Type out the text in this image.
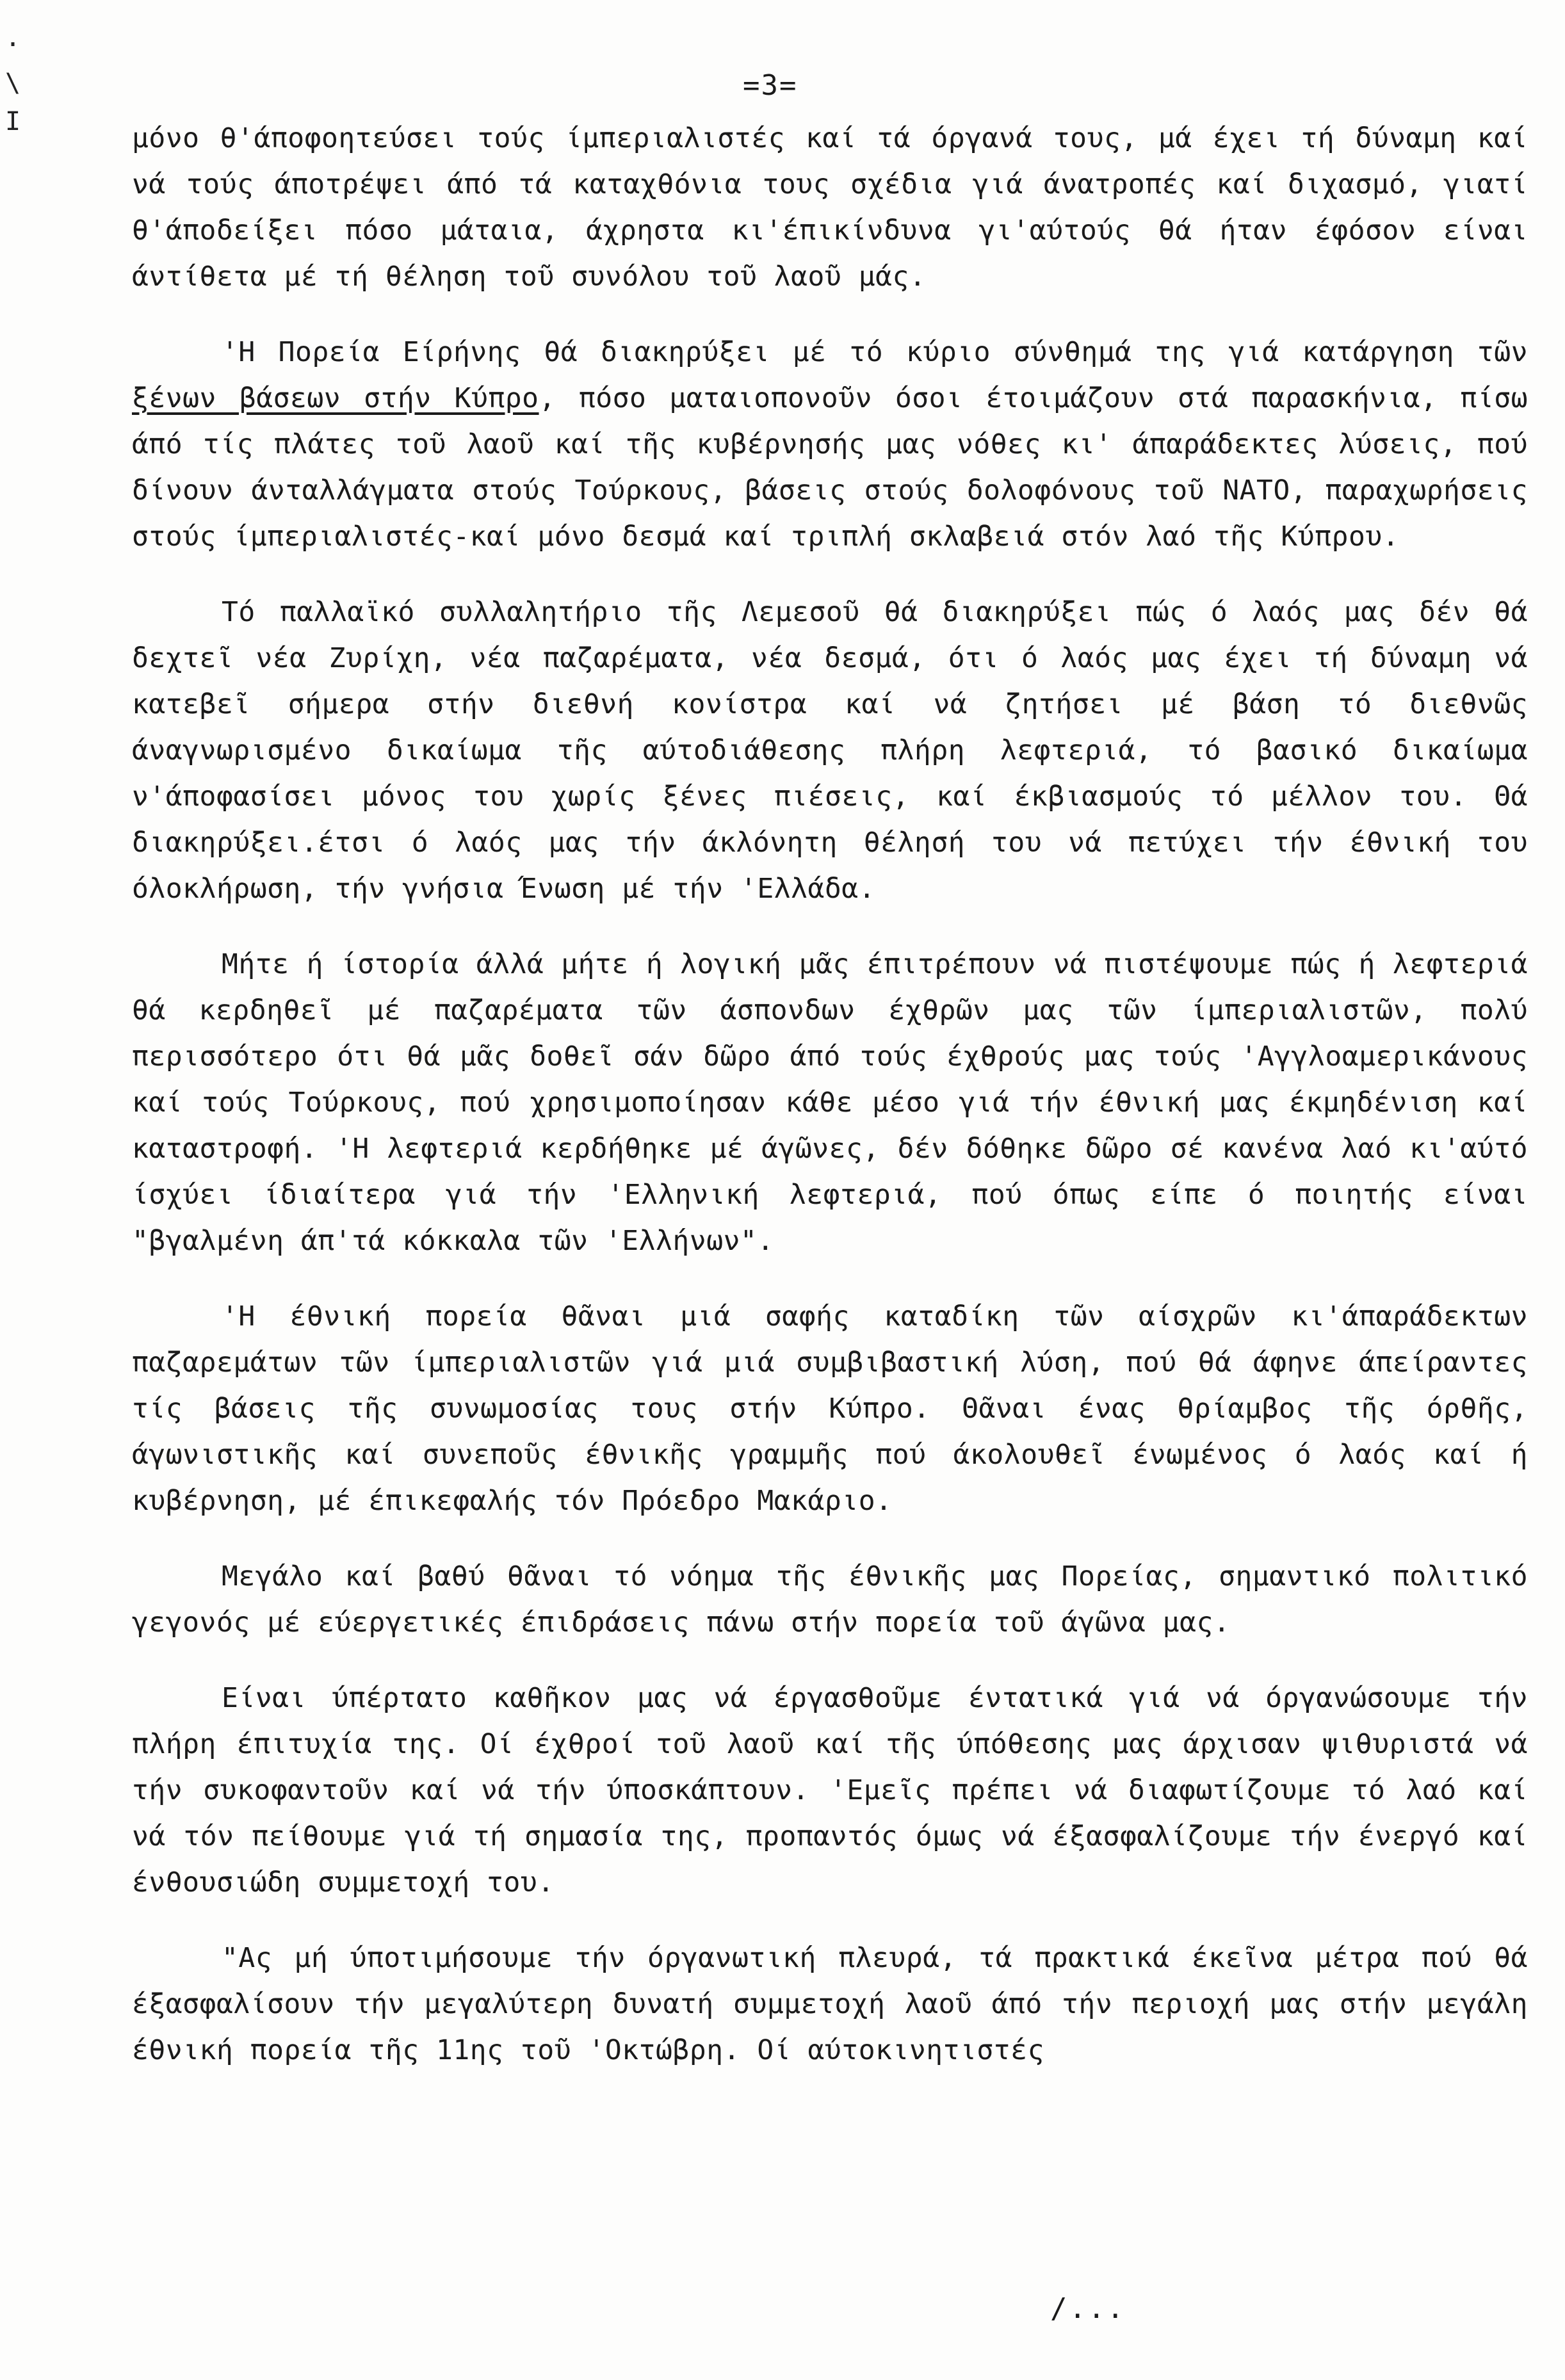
·
\
I
=3=

μόνο θ'άποφοητεύσει τούς ίμπεριαλιστές καί τά όργανά τους, μά έχει τή δύναμη καί νά τούς άποτρέψει άπό τά καταχθόνια τους σχέδια γιά άνατροπές καί διχασμό, γιατί θ'άποδείξει πόσο μάταια, άχρηστα κι'έπικίνδυνα γι'αύτούς θά ήταν έφόσον είναι άντίθετα μέ τή θέληση τοῦ συνόλου τοῦ λαοῦ μάς.

'Η Πορεία Είρήνης θά διακηρύξει μέ τό κύριο σύνθημά της γιά κατάργηση τῶν ξένων βάσεων στήν Κύπρο, πόσο ματαιοπονοῦν όσοι έτοιμάζουν στά παρασκήνια, πίσω άπό τίς πλάτες τοῦ λαοῦ καί τῆς κυβέρνησής μας νόθες κι' άπαράδεκτες λύσεις, πού δίνουν άνταλλάγματα στούς Τούρκους, βάσεις στούς δολοφόνους τοῦ ΝΑΤΟ, παραχωρήσεις στούς ίμπεριαλιστές-καί μόνο δεσμά καί τριπλή σκλαβειά στόν λαό τῆς Κύπρου.

Τό παλλαϊκό συλλαλητήριο τῆς Λεμεσοῦ θά διακηρύξει πώς ό λαός μας δέν θά δεχτεῖ νέα Ζυρίχη, νέα παζαρέματα, νέα δεσμά, ότι ό λαός μας έχει τή δύναμη νά κατεβεῖ σήμερα στήν διεθνή κονίστρα καί νά ζητήσει μέ βάση τό διεθνῶς άναγνωρισμένο δικαίωμα τῆς αύτοδιάθεσης πλήρη λεφτεριά, τό βασικό δικαίωμα ν'άποφασίσει μόνος του χωρίς ξένες πιέσεις, καί έκβιασμούς τό μέλλον του. Θά διακηρύξει.έτσι ό λαός μας τήν άκλόνητη θέλησή του νά πετύχει τήν έθνική του όλοκλήρωση, τήν γνήσια Ένωση μέ τήν 'Ελλάδα.

Μήτε ή ίστορία άλλά μήτε ή λογική μᾶς έπιτρέπουν νά πιστέψουμε πώς ή λεφτεριά θά κερδηθεῖ μέ παζαρέματα τῶν άσπονδων έχθρῶν μας τῶν ίμπεριαλιστῶν, πολύ περισσότερο ότι θά μᾶς δοθεῖ σάν δῶρο άπό τούς έχθρούς μας τούς 'Αγγλοαμερικάνους καί τούς Τούρκους, πού χρησιμοποίησαν κάθε μέσο γιά τήν έθνική μας έκμηδένιση καί καταστροφή. 'Η λεφτεριά κερδήθηκε μέ άγῶνες, δέν δόθηκε δῶρο σέ κανένα λαό κι'αύτό ίσχύει ίδιαίτερα γιά τήν 'Ελληνική λεφτεριά, πού όπως είπε ό ποιητής είναι "βγαλμένη άπ'τά κόκκαλα τῶν 'Ελλήνων".

'Η έθνική πορεία θᾶναι μιά σαφής καταδίκη τῶν αίσχρῶν κι'άπαράδεκτων παζαρεμάτων τῶν ίμπεριαλιστῶν γιά μιά συμβιβαστική λύση, πού θά άφηνε άπείραντες τίς βάσεις τῆς συνωμοσίας τους στήν Κύπρο. Θᾶναι ένας θρίαμβος τῆς όρθῆς, άγωνιστικῆς καί συνεποῦς έθνικῆς γραμμῆς πού άκολουθεῖ ένωμένος ό λαός καί ή κυβέρνηση, μέ έπικεφαλής τόν Πρόεδρο Μακάριο.

Μεγάλο καί βαθύ θᾶναι τό νόημα τῆς έθνικῆς μας Πορείας, σημαντικό πολιτικό γεγονός μέ εύεργετικές έπιδράσεις πάνω στήν πορεία τοῦ άγῶνα μας.

Είναι ύπέρτατο καθῆκον μας νά έργασθοῦμε έντατικά γιά νά όργανώσουμε τήν πλήρη έπιτυχία της. Οί έχθροί τοῦ λαοῦ καί τῆς ύπόθεσης μας άρχισαν ψιθυριστά νά τήν συκοφαντοῦν καί νά τήν ύποσκάπτουν. 'Εμεῖς πρέπει νά διαφωτίζουμε τό λαό καί νά τόν πείθουμε γιά τή σημασία της, προπαντός όμως νά έξασφαλίζουμε τήν ένεργό καί ένθουσιώδη συμμετοχή του.

"Ας μή ύποτιμήσουμε τήν όργανωτική πλευρά, τά πρακτικά έκεῖνα μέτρα πού θά έξασφαλίσουν τήν μεγαλύτερη δυνατή συμμετοχή λαοῦ άπό τήν περιοχή μας στήν μεγάλη έθνική πορεία τῆς 11ης τοῦ 'Οκτώβρη. Οί αύτοκινητιστές

/...
